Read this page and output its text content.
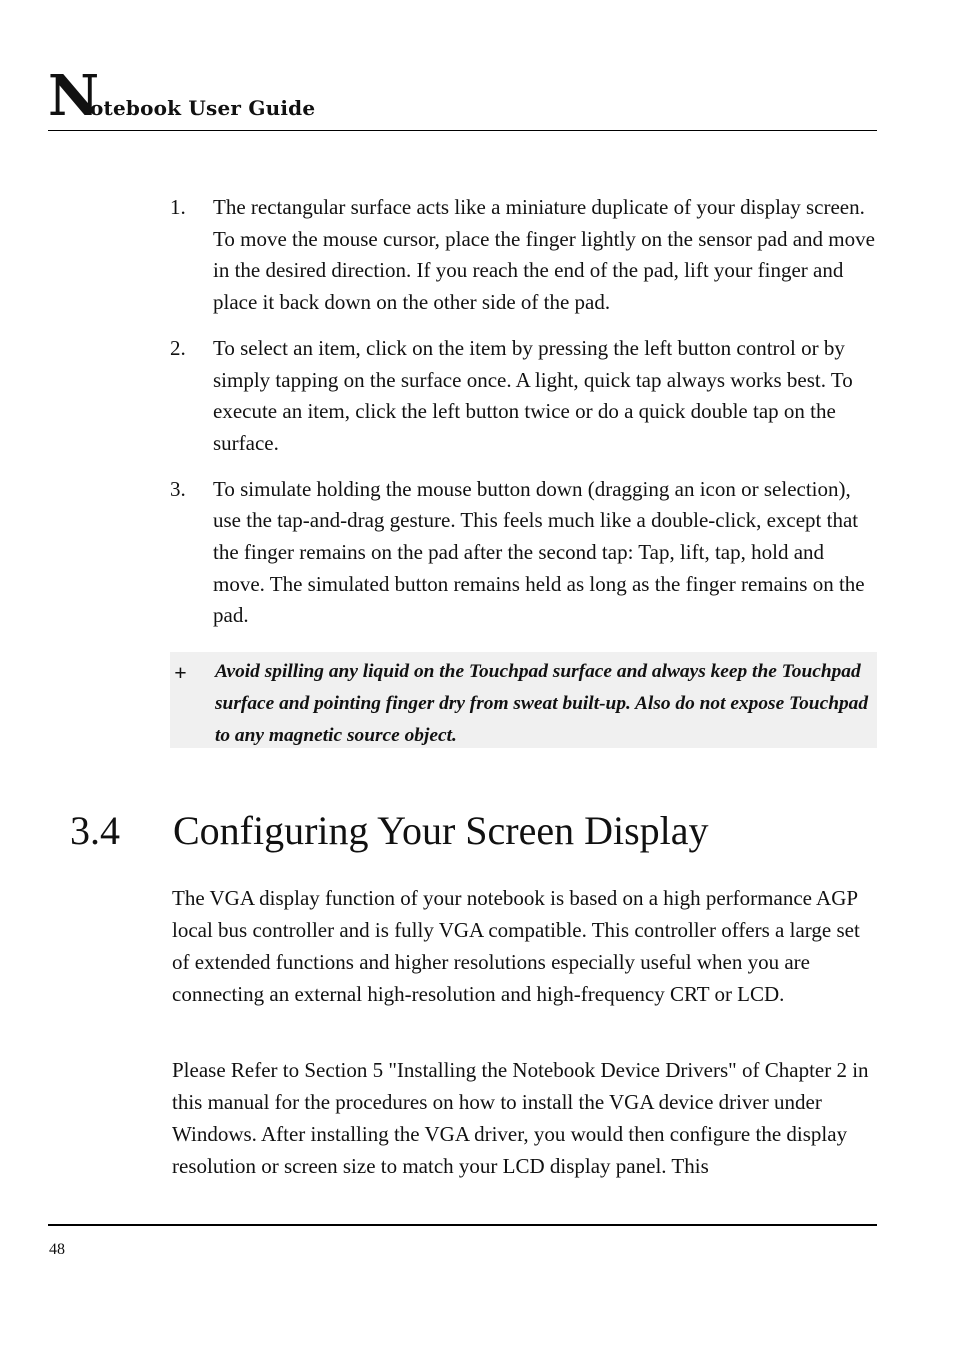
N
otebook User Guide
1. The rectangular surface acts like a miniature duplicate of your display screen. To move the mouse cursor, place the finger lightly on the sensor pad and move in the desired direction. If you reach the end of the pad, lift your finger and place it back down on the other side of the pad.
2. To select an item, click on the item by pressing the left button control or by simply tapping on the surface once. A light, quick tap always works best. To execute an item, click the left button twice or do a quick double tap on the surface.
3. To simulate holding the mouse button down (dragging an icon or selection), use the tap-and-drag gesture. This feels much like a double-click, except that the finger remains on the pad after the second tap: Tap, lift, tap, hold and move. The simulated button remains held as long as the finger remains on the pad.
+ Avoid spilling any liquid on the Touchpad surface and always keep the Touchpad surface and pointing finger dry from sweat built-up. Also do not expose Touchpad to any magnetic source object.
3.4 Configuring Your Screen Display

The VGA display function of your notebook is based on a high performance AGP local bus controller and is fully VGA compatible. This controller offers a large set of extended functions and higher resolutions especially useful when you are connecting an external high-resolution and high-frequency CRT or LCD.

Please Refer to Section 5 "Installing the Notebook Device Drivers" of Chapter 2 in this manual for the procedures on how to install the VGA device driver under Windows. After installing the VGA driver, you would then configure the display resolution or screen size to match your LCD display panel. This

48
